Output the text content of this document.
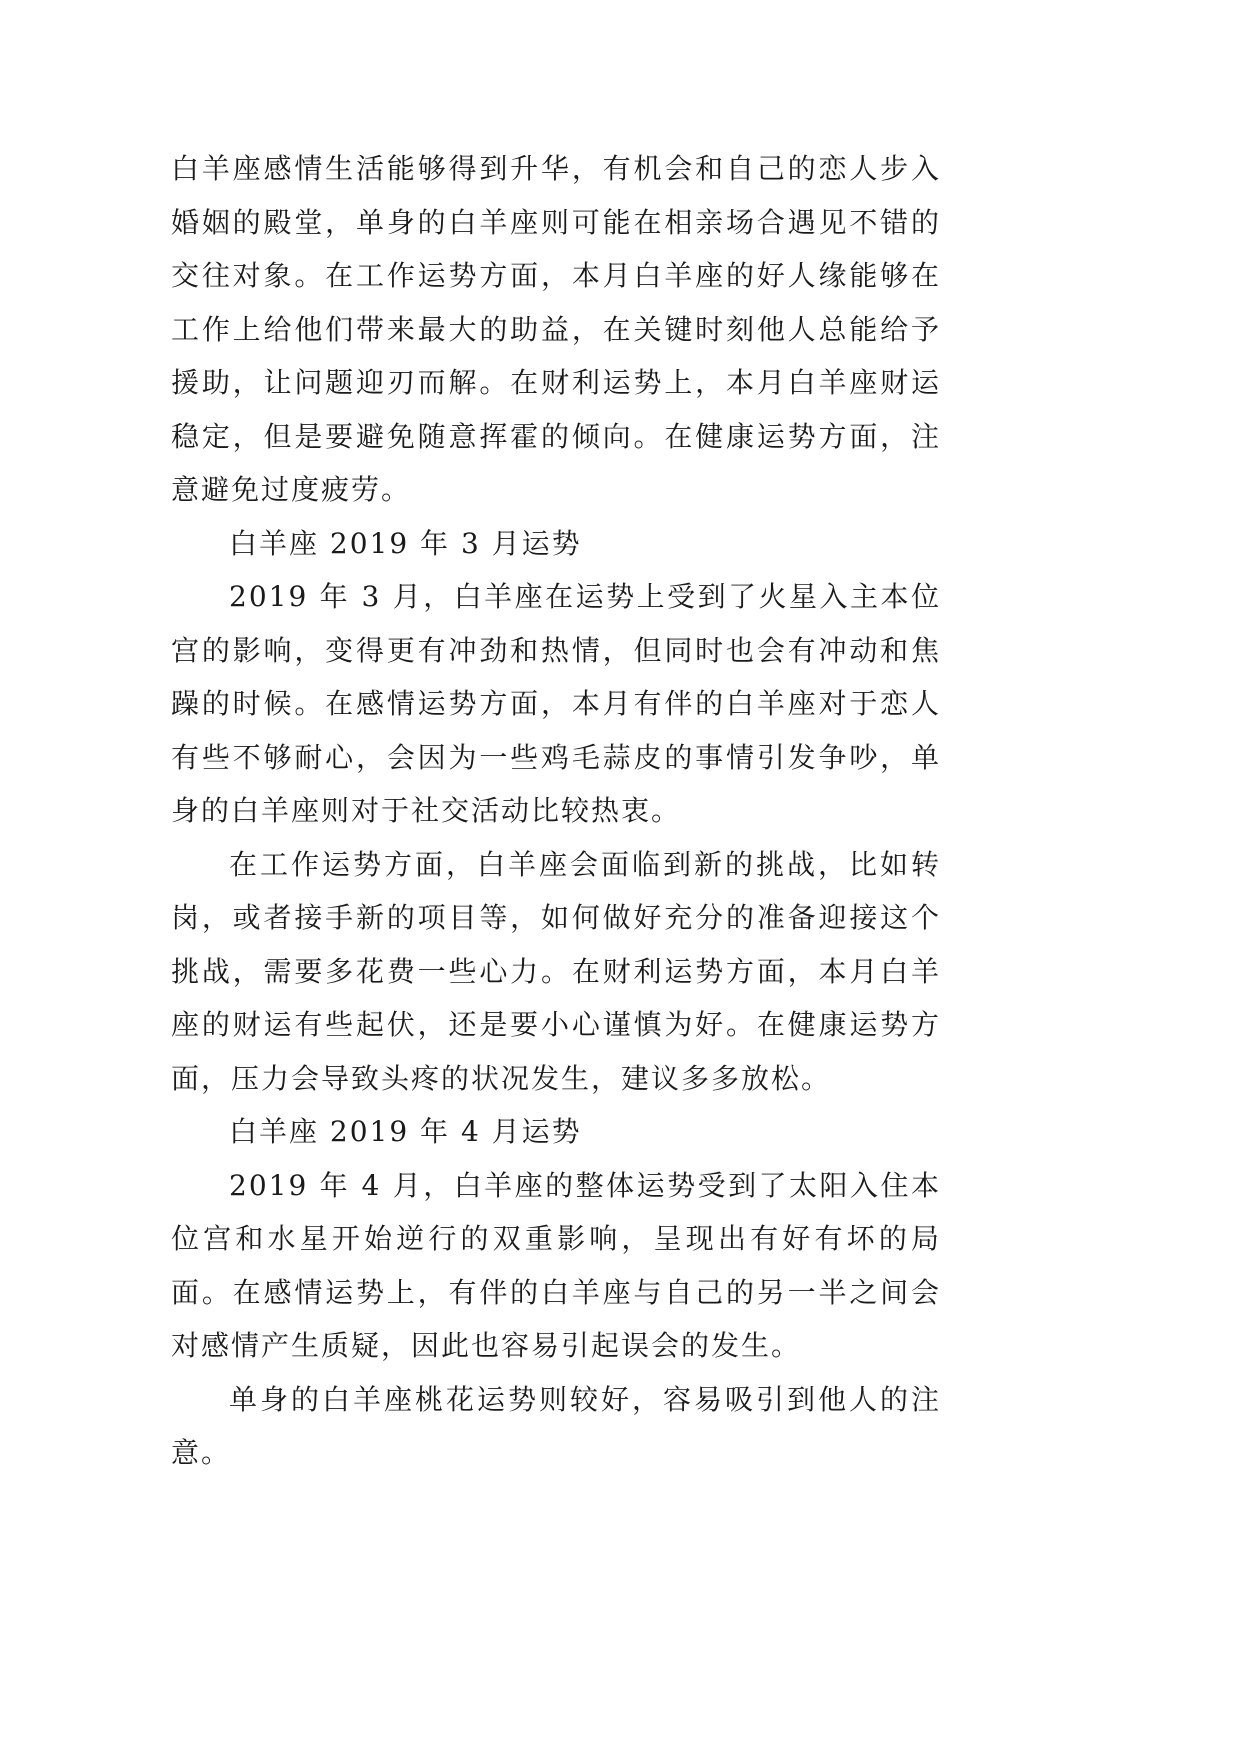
白羊座感情生活能够得到升华，有机会和自己的恋人步入婚姻的殿堂，单身的白羊座则可能在相亲场合遇见不错的交往对象。在工作运势方面，本月白羊座的好人缘能够在工作上给他们带来最大的助益，在关键时刻他人总能给予援助，让问题迎刃而解。在财利运势上，本月白羊座财运稳定，但是要避免随意挥霍的倾向。在健康运势方面，注意避免过度疲劳。

白羊座 2019 年 3 月运势

2019 年 3 月，白羊座在运势上受到了火星入主本位宫的影响，变得更有冲劲和热情，但同时也会有冲动和焦躁的时候。在感情运势方面，本月有伴的白羊座对于恋人有些不够耐心，会因为一些鸡毛蒜皮的事情引发争吵，单身的白羊座则对于社交活动比较热衷。

在工作运势方面，白羊座会面临到新的挑战，比如转岗，或者接手新的项目等，如何做好充分的准备迎接这个挑战，需要多花费一些心力。在财利运势方面，本月白羊座的财运有些起伏，还是要小心谨慎为好。在健康运势方面，压力会导致头疼的状况发生，建议多多放松。

白羊座 2019 年 4 月运势

2019 年 4 月，白羊座的整体运势受到了太阳入住本位宫和水星开始逆行的双重影响，呈现出有好有坏的局面。在感情运势上，有伴的白羊座与自己的另一半之间会对感情产生质疑，因此也容易引起误会的发生。

单身的白羊座桃花运势则较好，容易吸引到他人的注意。
